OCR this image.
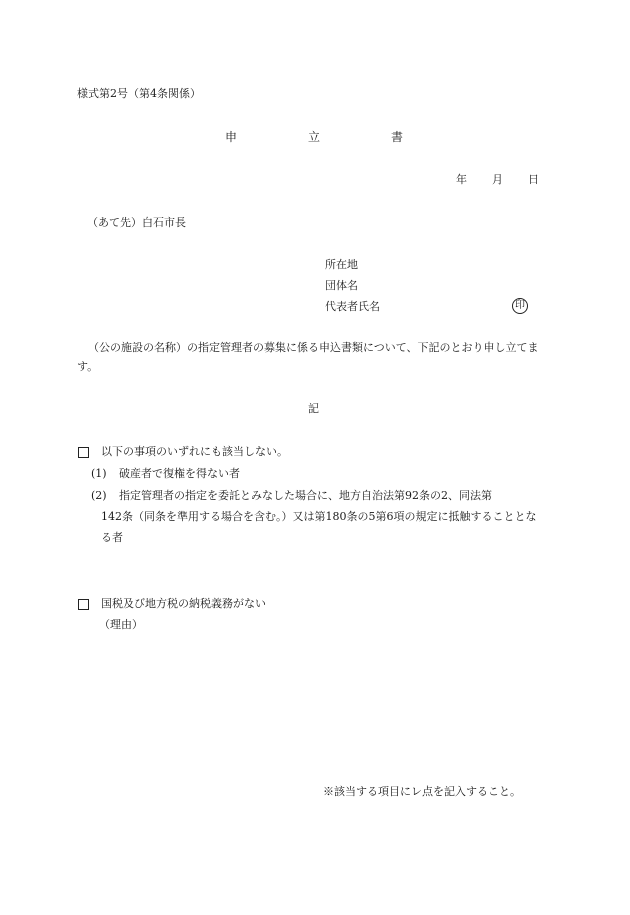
様式第2号（第4条関係）
申	立	書
年 月 日
（あて先）白石市長
所在地
団体名
代表者氏名	印
（公の施設の名称）の指定管理者の募集に係る申込書類について、下記のとおり申し立てます。
記
以下の事項のいずれにも該当しない。
(1) 破産者で復権を得ない者
(2) 指定管理者の指定を委託とみなした場合に、地方自治法第92条の2、同法第
142条（同条を準用する場合を含む。）又は第180条の5第6項の規定に抵触することとな
る者
国税及び地方税の納税義務がない
（理由）
※該当する項目にレ点を記入すること。
